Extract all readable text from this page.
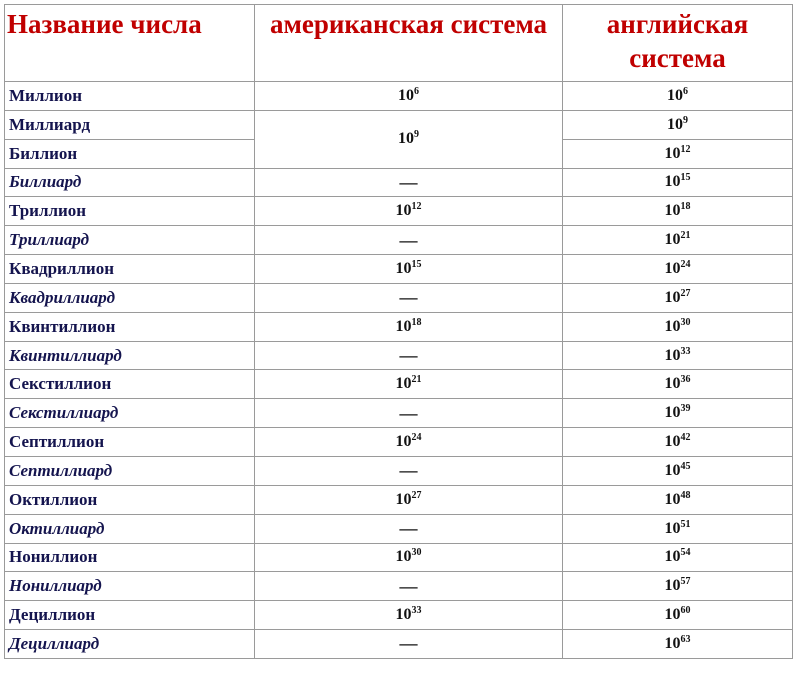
Название числа	американская система	английская система
Миллион	$10^6$	$10^6$
Миллиард	$10^9$	$10^9$
Биллион		$10^{12}$
Биллиард	—	$10^{15}$
Триллион	$10^{12}$	$10^{18}$
Триллиард	—	$10^{21}$
Квадриллион	$10^{15}$	$10^{24}$
Квадриллиард	—	$10^{27}$
Квинтиллион	$10^{18}$	$10^{30}$
Квинтиллиард	—	$10^{33}$
Секстиллион	$10^{21}$	$10^{36}$
Секстиллиард	—	$10^{39}$
Септиллион	$10^{24}$	$10^{42}$
Септиллиард	—	$10^{45}$
Октиллион	$10^{27}$	$10^{48}$
Октиллиард	—	$10^{51}$
Нониллион	$10^{30}$	$10^{54}$
Нониллиард	—	$10^{57}$
Дециллион	$10^{33}$	$10^{60}$
Дециллиард	—	$10^{63}$
